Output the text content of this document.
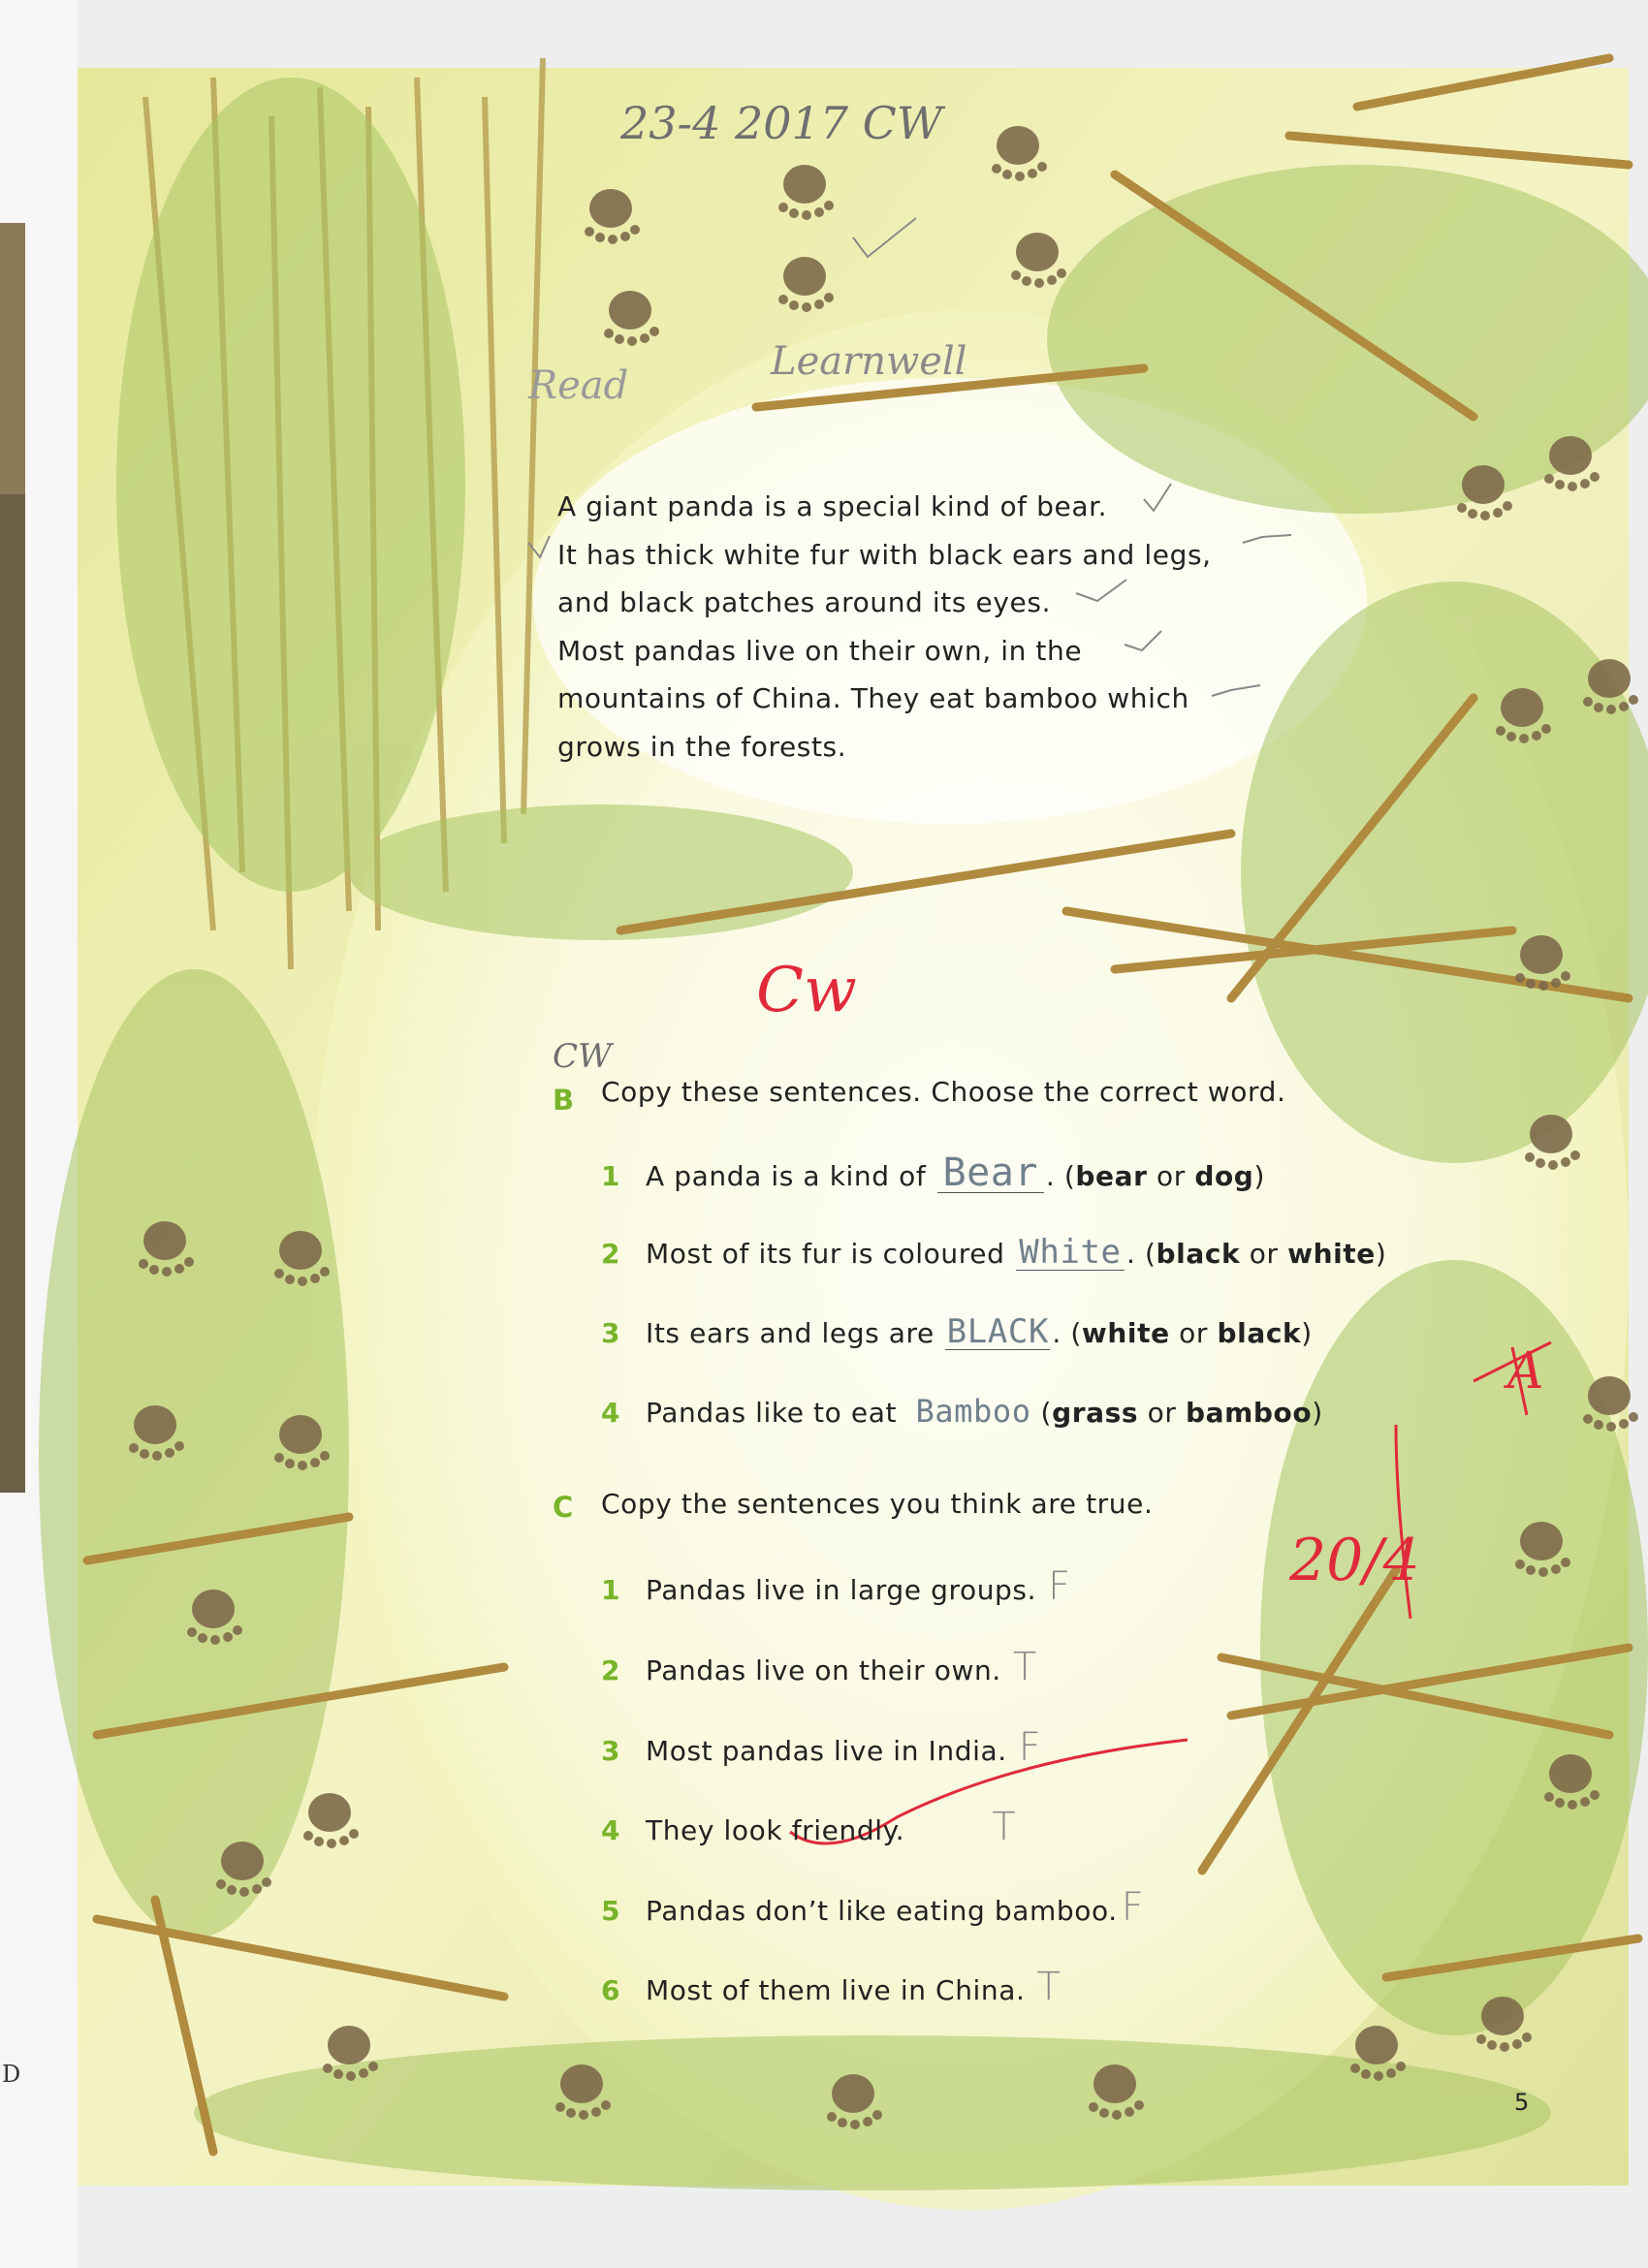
D
23-4 2017 CW
Read
Learnwell
Cw
CW
20/4
A
A giant panda is a special kind of bear.
It has thick white fur with black ears and legs,
and black patches around its eyes.
Most pandas live on their own, in the
mountains of China. They eat bamboo which
grows in the forests.
B Copy these sentences. Choose the correct word.
1 A panda is a kind of Bear . (bear or dog)
2 Most of its fur is coloured White . (black or white)
3 Its ears and legs are BLACK . (white or black)
4 Pandas like to eat Bamboo (grass or bamboo)
C Copy the sentences you think are true.
1 Pandas live in large groups. F
2 Pandas live on their own. T
3 Most pandas live in India. F
4 They look friendly. T
5 Pandas don’t like eating bamboo. F
6 Most of them live in China. T
5
